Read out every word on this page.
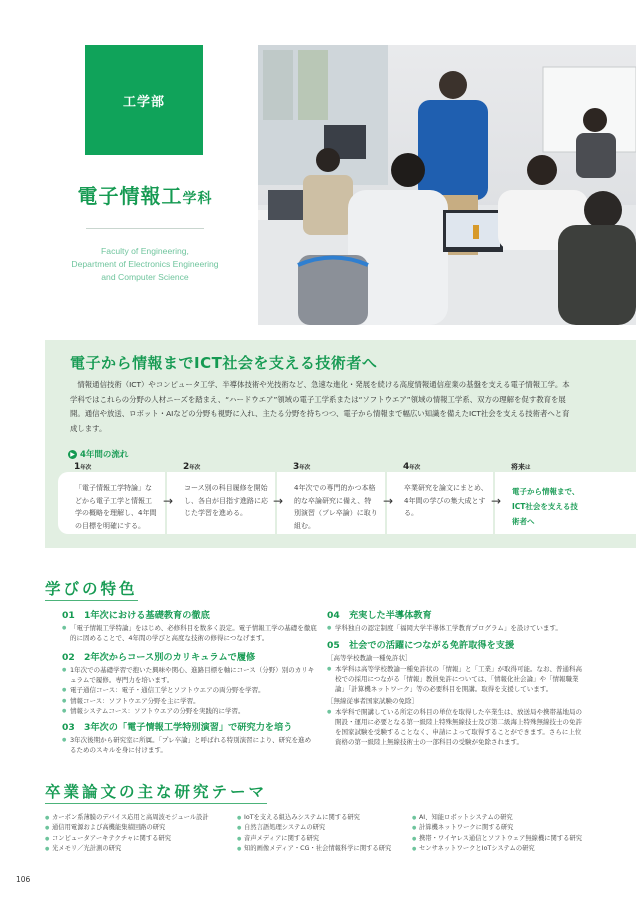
工学部
電子情報工学科
Faculty of Engineering,
Department of Electronics Engineering
and Computer Science
電子から情報までICT社会を支える技術者へ

情報通信技術（ICT）やコンピュータ工学、半導体技術や光技術など、急速な進化・発展を続ける高度情報通信産業の基盤を支える電子情報工学。本学科ではこれらの分野の人材ニーズを踏まえ、“ハードウエア”領域の電子工学系または“ソフトウエア”領域の情報工学系、双方の理解を促す教育を展開。通信や放送、ロボット・AIなどの分野も視野に入れ、主たる分野を持ちつつ、電子から情報まで幅広い知識を備えたICT社会を支える技術者へと育成します。

▶ 4年間の流れ
1年次
「電子情報工学特論」などから電子工学と情報工学の概略を理解し、4年間の目標を明確にする。
→
2年次
コース別の科目履修を開始し、各自が目指す進路に応じた学習を進める。
→
3年次
4年次での専門的かつ本格的な卒論研究に備え、特別演習（プレ卒論）に取り組む。
→
4年次
卒業研究を論文にまとめ、4年間の学びの集大成とする。
→
将来は
電子から情報まで、ICT社会を支える技術者へ
学びの特色
01　1年次における基礎教育の徹底
● 「電子情報工学特論」をはじめ、必修科目を数多く設定。電子情報工学の基礎を徹底的に固めることで、4年間の学びと高度な技術の修得につなげます。
02　2年次からコース別のカリキュラムで履修
● 1年次での基礎学習で抱いた興味や関心、進路目標を軸にコース（分野）別のカリキュラムで履修。専門力を培います。
● 電子通信コース：電子・通信工学とソフトウエアの両分野を学習。
● 情報コース：ソフトウエア分野を主に学習。
● 情報システムコース：ソフトウエアの分野を実践的に学習。
03　3年次の「電子情報工学特別演習」で研究力を培う
● 3年次後期から研究室に所属。「プレ卒論」と呼ばれる特別演習により、研究を進めるためのスキルを身に付けます。
04　充実した半導体教育
● 学科独自の認定制度「福岡大学半導体工学教育プログラム」を設けています。
05　社会での活躍につながる免許取得を支援
［高等学校教諭一種免許状］
● 本学科は高等学校教諭一種免許状の「情報」と「工業」が取得可能。なお、普通科高校での採用につながる「情報」教員免許については、「情報化社会論」や「情報職業論」「計算機ネットワーク」等の必要科目を開講。取得を支援しています。
［無線従事者国家試験の免除］
● 本学科で開講している所定の科目の単位を取得した卒業生は、放送局や携帯基地局の開設・運用に必要となる第一級陸上特殊無線技士及び第二級海上特殊無線技士の免許を国家試験を受験することなく、申請によって取得することができます。さらに上位資格の第一級陸上無線技術士の一部科目の受験が免除されます。
卒業論文の主な研究テーマ
● カーボン系薄膜のデバイス応用と高周波モジュール設計
● 通信用電源および高機能集積回路の研究
● コンピュータアーキテクチャに関する研究
● 光メモリ／光計測の研究
● IoTを支える組込みシステムに関する研究
● 自然言語処理システムの研究
● 音声メディアに関する研究
● 知的画像メディア・CG・社会情報科学に関する研究
● AI、知能ロボットシステムの研究
● 計算機ネットワークに関する研究
● 携帯・ワイヤレス通信とソフトウェア無線機に関する研究
● センサネットワークとIoTシステムの研究
106
